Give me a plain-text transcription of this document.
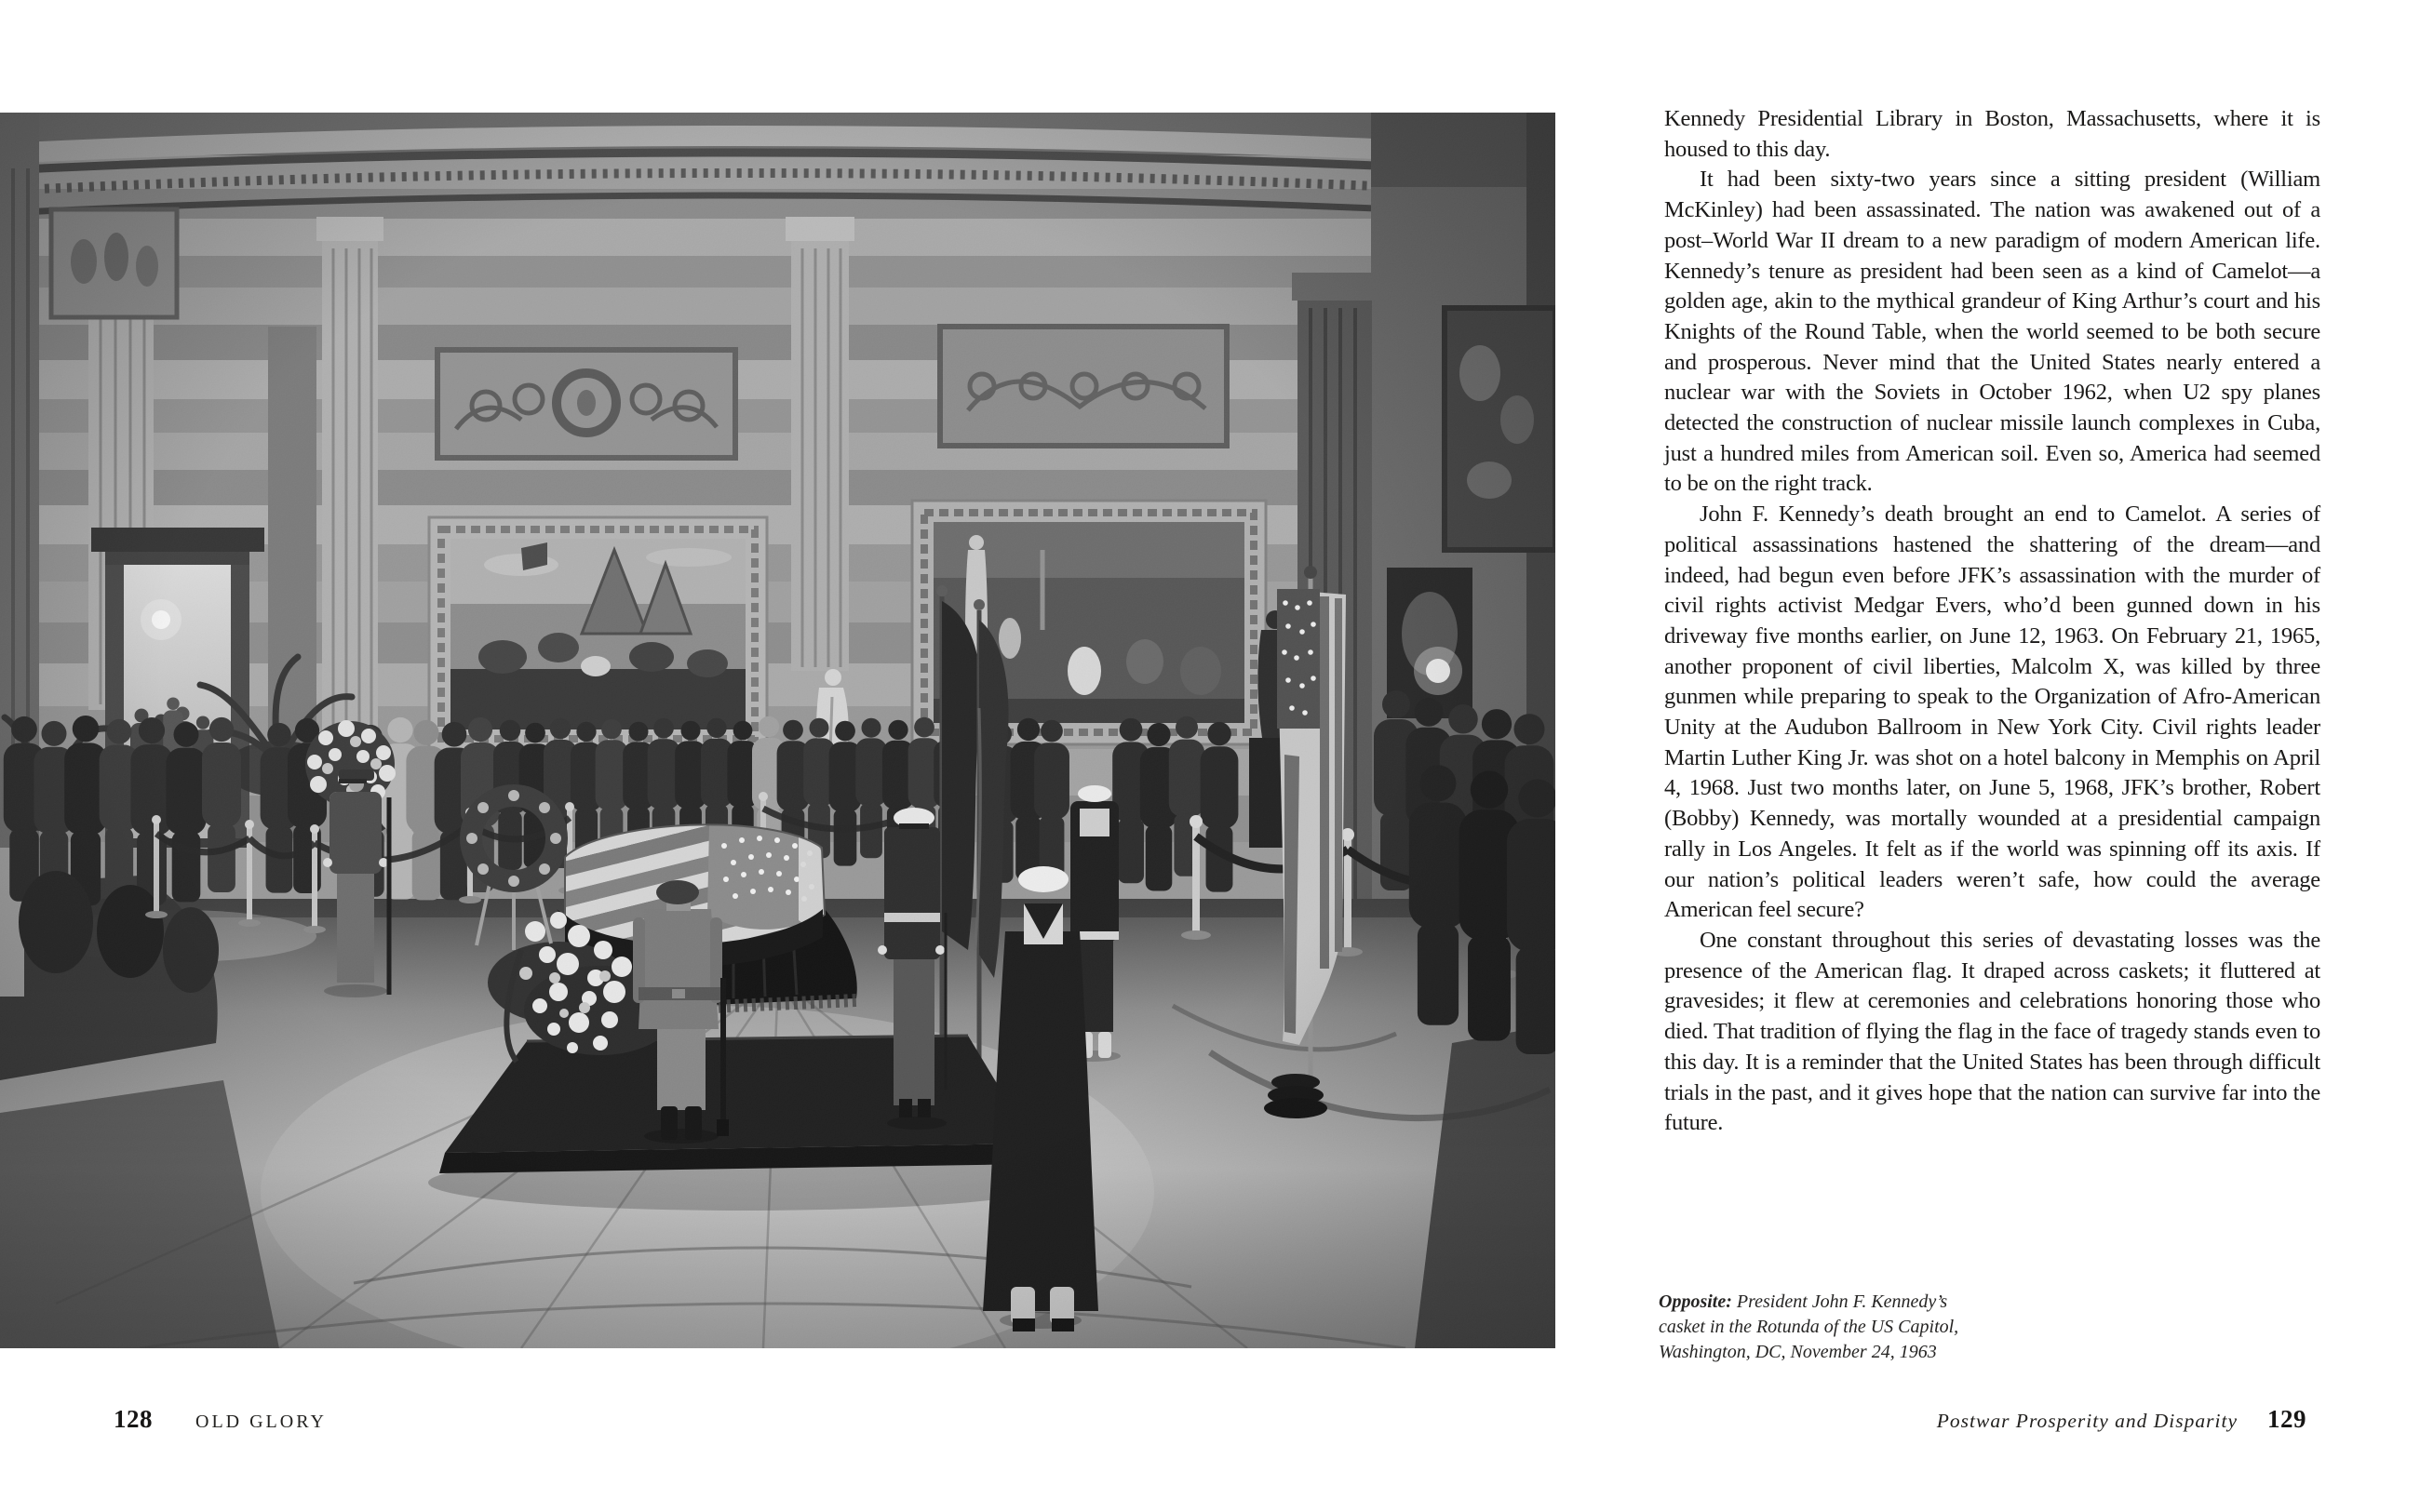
Kennedy Presidential Library in Boston, Massachusetts, where it is housed to this day.

It had been sixty-two years since a sitting president (William McKinley) had been assassinated. The nation was awakened out of a post–World War II dream to a new paradigm of modern American life. Kennedy’s tenure as president had been seen as a kind of Camelot—a golden age, akin to the mythical grandeur of King Arthur’s court and his Knights of the Round Table, when the world seemed to be both secure and prosperous. Never mind that the United States nearly entered a nuclear war with the Soviets in October 1962, when U2 spy planes detected the construction of nuclear missile launch complexes in Cuba, just a hundred miles from American soil. Even so, America had seemed to be on the right track.

John F. Kennedy’s death brought an end to Camelot. A series of political assassinations hastened the shattering of the dream—and indeed, had begun even before JFK’s assassination with the murder of civil rights activist Medgar Evers, who’d been gunned down in his driveway five months earlier, on June 12, 1963. On February 21, 1965, another proponent of civil liberties, Malcolm X, was killed by three gunmen while preparing to speak to the Organization of Afro-American Unity at the Audubon Ballroom in New York City. Civil rights leader Martin Luther King Jr. was shot on a hotel balcony in Memphis on April 4, 1968. Just two months later, on June 5, 1968, JFK’s brother, Robert (Bobby) Kennedy, was mortally wounded at a presidential campaign rally in Los Angeles. It felt as if the world was spinning off its axis. If our nation’s political leaders weren’t safe, how could the average American feel secure?

One constant throughout this series of devastating losses was the presence of the American flag. It draped across caskets; it fluttered at gravesides; it flew at ceremonies and celebrations honoring those who died. That tradition of flying the flag in the face of tragedy stands even to this day. It is a reminder that the United States has been through difficult trials in the past, and it gives hope that the nation can survive far into the future.

Opposite: President John F. Kennedy’s
casket in the Rotunda of the US Capitol,
Washington, DC, November 24, 1963
128 OLD GLORY	Postwar Prosperity and Disparity 129
